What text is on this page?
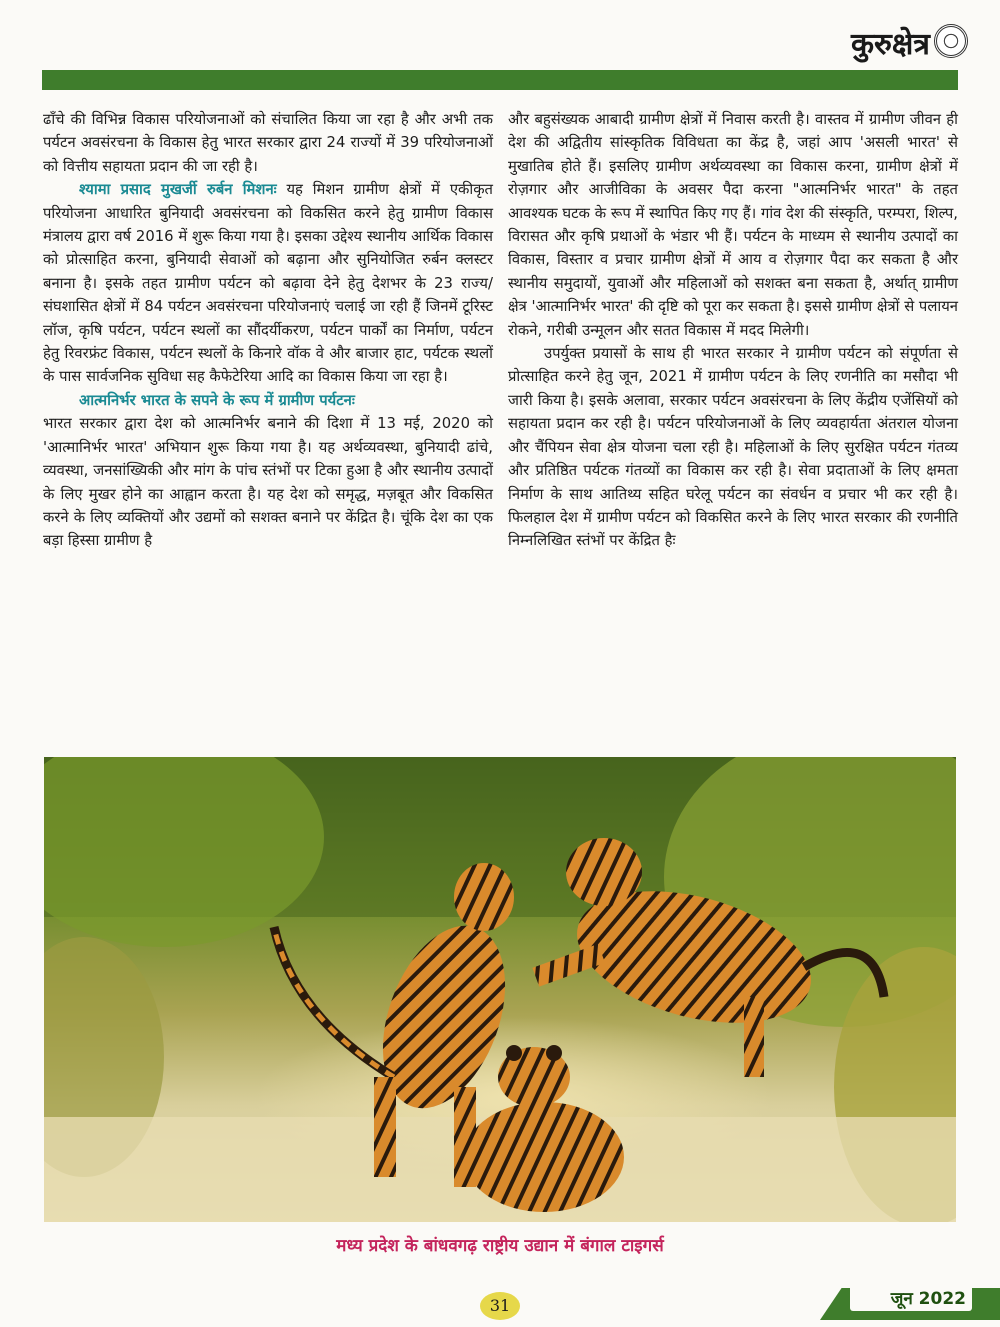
कुरुक्षेत्र

ढाँचे की विभिन्न विकास परियोजनाओं को संचालित किया जा रहा है और अभी तक पर्यटन अवसंरचना के विकास हेतु भारत सरकार द्वारा 24 राज्यों में 39 परियोजनाओं को वित्तीय सहायता प्रदान की जा रही है।

श्यामा प्रसाद मुखर्जी रुर्बन मिशनः यह मिशन ग्रामीण क्षेत्रों में एकीकृत परियोजना आधारित बुनियादी अवसंरचना को विकसित करने हेतु ग्रामीण विकास मंत्रालय द्वारा वर्ष 2016 में शुरू किया गया है। इसका उद्देश्य स्थानीय आर्थिक विकास को प्रोत्साहित करना, बुनियादी सेवाओं को बढ़ाना और सुनियोजित रुर्बन क्लस्टर बनाना है। इसके तहत ग्रामीण पर्यटन को बढ़ावा देने हेतु देशभर के 23 राज्य/संघशासित क्षेत्रों में 84 पर्यटन अवसंरचना परियोजनाएं चलाई जा रही हैं जिनमें टूरिस्ट लॉज, कृषि पर्यटन, पर्यटन स्थलों का सौंदर्यीकरण, पर्यटन पार्कों का निर्माण, पर्यटन हेतु रिवरफ्रंट विकास, पर्यटन स्थलों के किनारे वॉक वे और बाजार हाट, पर्यटक स्थलों के पास सार्वजनिक सुविधा सह कैफेटेरिया आदि का विकास किया जा रहा है।

आत्मनिर्भर भारत के सपने के रूप में ग्रामीण पर्यटनः

भारत सरकार द्वारा देश को आत्मनिर्भर बनाने की दिशा में 13 मई, 2020 को 'आत्मानिर्भर भारत' अभियान शुरू किया गया है। यह अर्थव्यवस्था, बुनियादी ढांचे, व्यवस्था, जनसांख्यिकी और मांग के पांच स्तंभों पर टिका हुआ है और स्थानीय उत्पादों के लिए मुखर होने का आह्वान करता है। यह देश को समृद्ध, मज़बूत और विकसित करने के लिए व्यक्तियों और उद्यमों को सशक्त बनाने पर केंद्रित है। चूंकि देश का एक बड़ा हिस्सा ग्रामीण है

और बहुसंख्यक आबादी ग्रामीण क्षेत्रों में निवास करती है। वास्तव में ग्रामीण जीवन ही देश की अद्वितीय सांस्कृतिक विविधता का केंद्र है, जहां आप 'असली भारत' से मुखातिब होते हैं। इसलिए ग्रामीण अर्थव्यवस्था का विकास करना, ग्रामीण क्षेत्रों में रोज़गार और आजीविका के अवसर पैदा करना "आत्मनिर्भर भारत" के तहत आवश्यक घटक के रूप में स्थापित किए गए हैं। गांव देश की संस्कृति, परम्परा, शिल्प, विरासत और कृषि प्रथाओं के भंडार भी हैं। पर्यटन के माध्यम से स्थानीय उत्पादों का विकास, विस्तार व प्रचार ग्रामीण क्षेत्रों में आय व रोज़गार पैदा कर सकता है और स्थानीय समुदायों, युवाओं और महिलाओं को सशक्त बना सकता है, अर्थात् ग्रामीण क्षेत्र 'आत्मानिर्भर भारत' की दृष्टि को पूरा कर सकता है। इससे ग्रामीण क्षेत्रों से पलायन रोकने, गरीबी उन्मूलन और सतत विकास में मदद मिलेगी।

उपर्युक्त प्रयासों के साथ ही भारत सरकार ने ग्रामीण पर्यटन को संपूर्णता से प्रोत्साहित करने हेतु जून, 2021 में ग्रामीण पर्यटन के लिए रणनीति का मसौदा भी जारी किया है। इसके अलावा, सरकार पर्यटन अवसंरचना के लिए केंद्रीय एजेंसियों को सहायता प्रदान कर रही है। पर्यटन परियोजनाओं के लिए व्यवहार्यता अंतराल योजना और चैंपियन सेवा क्षेत्र योजना चला रही है। महिलाओं के लिए सुरक्षित पर्यटन गंतव्य और प्रतिष्ठित पर्यटक गंतव्यों का विकास कर रही है। सेवा प्रदाताओं के लिए क्षमता निर्माण के साथ आतिथ्य सहित घरेलू पर्यटन का संवर्धन व प्रचार भी कर रही है। फिलहाल देश में ग्रामीण पर्यटन को विकसित करने के लिए भारत सरकार की रणनीति निम्नलिखित स्तंभों पर केंद्रित हैः

मध्य प्रदेश के बांधवगढ़ राष्ट्रीय उद्यान में बंगाल टाइगर्स
31	जून 2022
